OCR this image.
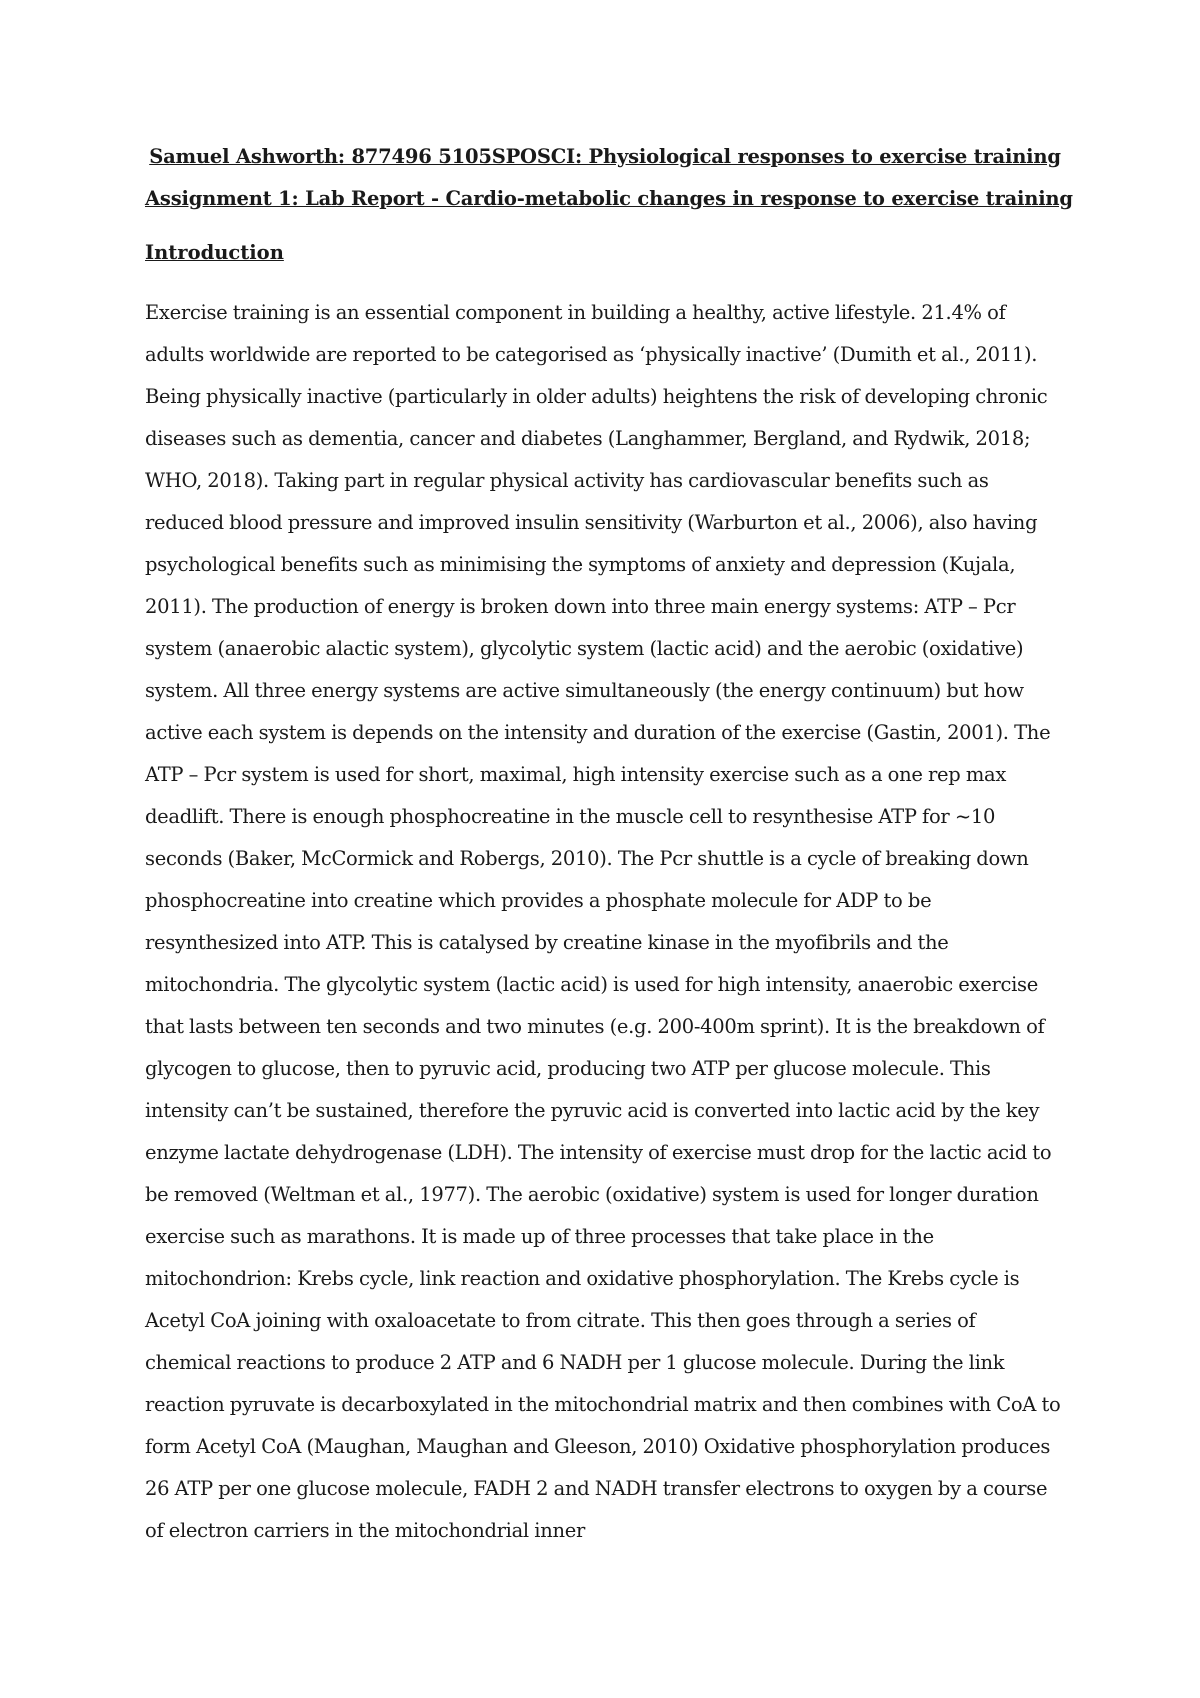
Samuel Ashworth: 877496 5105SPOSCI: Physiological responses to exercise training
Assignment 1: Lab Report - Cardio-metabolic changes in response to exercise training
Introduction

Exercise training is an essential component in building a healthy, active lifestyle. 21.4% of adults worldwide are reported to be categorised as ‘physically inactive’ (Dumith et al., 2011). Being physically inactive (particularly in older adults) heightens the risk of developing chronic diseases such as dementia, cancer and diabetes (Langhammer, Bergland, and Rydwik, 2018; WHO, 2018). Taking part in regular physical activity has cardiovascular benefits such as reduced blood pressure and improved insulin sensitivity (Warburton et al., 2006), also having psychological benefits such as minimising the symptoms of anxiety and depression (Kujala, 2011). The production of energy is broken down into three main energy systems: ATP – Pcr system (anaerobic alactic system), glycolytic system (lactic acid) and the aerobic (oxidative) system. All three energy systems are active simultaneously (the energy continuum) but how active each system is depends on the intensity and duration of the exercise (Gastin, 2001). The ATP – Pcr system is used for short, maximal, high intensity exercise such as a one rep max deadlift. There is enough phosphocreatine in the muscle cell to resynthesise ATP for ~10 seconds (Baker, McCormick and Robergs, 2010). The Pcr shuttle is a cycle of breaking down phosphocreatine into creatine which provides a phosphate molecule for ADP to be resynthesized into ATP. This is catalysed by creatine kinase in the myofibrils and the mitochondria. The glycolytic system (lactic acid) is used for high intensity, anaerobic exercise that lasts between ten seconds and two minutes (e.g. 200-400m sprint). It is the breakdown of glycogen to glucose, then to pyruvic acid, producing two ATP per glucose molecule. This intensity can’t be sustained, therefore the pyruvic acid is converted into lactic acid by the key enzyme lactate dehydrogenase (LDH). The intensity of exercise must drop for the lactic acid to be removed (Weltman et al., 1977). The aerobic (oxidative) system is used for longer duration exercise such as marathons. It is made up of three processes that take place in the mitochondrion: Krebs cycle, link reaction and oxidative phosphorylation. The Krebs cycle is Acetyl CoA joining with oxaloacetate to from citrate. This then goes through a series of chemical reactions to produce 2 ATP and 6 NADH per 1 glucose molecule. During the link reaction pyruvate is decarboxylated in the mitochondrial matrix and then combines with CoA to form Acetyl CoA (Maughan, Maughan and Gleeson, 2010) Oxidative phosphorylation produces 26 ATP per one glucose molecule, FADH 2 and NADH transfer electrons to oxygen by a course of electron carriers in the mitochondrial inner
